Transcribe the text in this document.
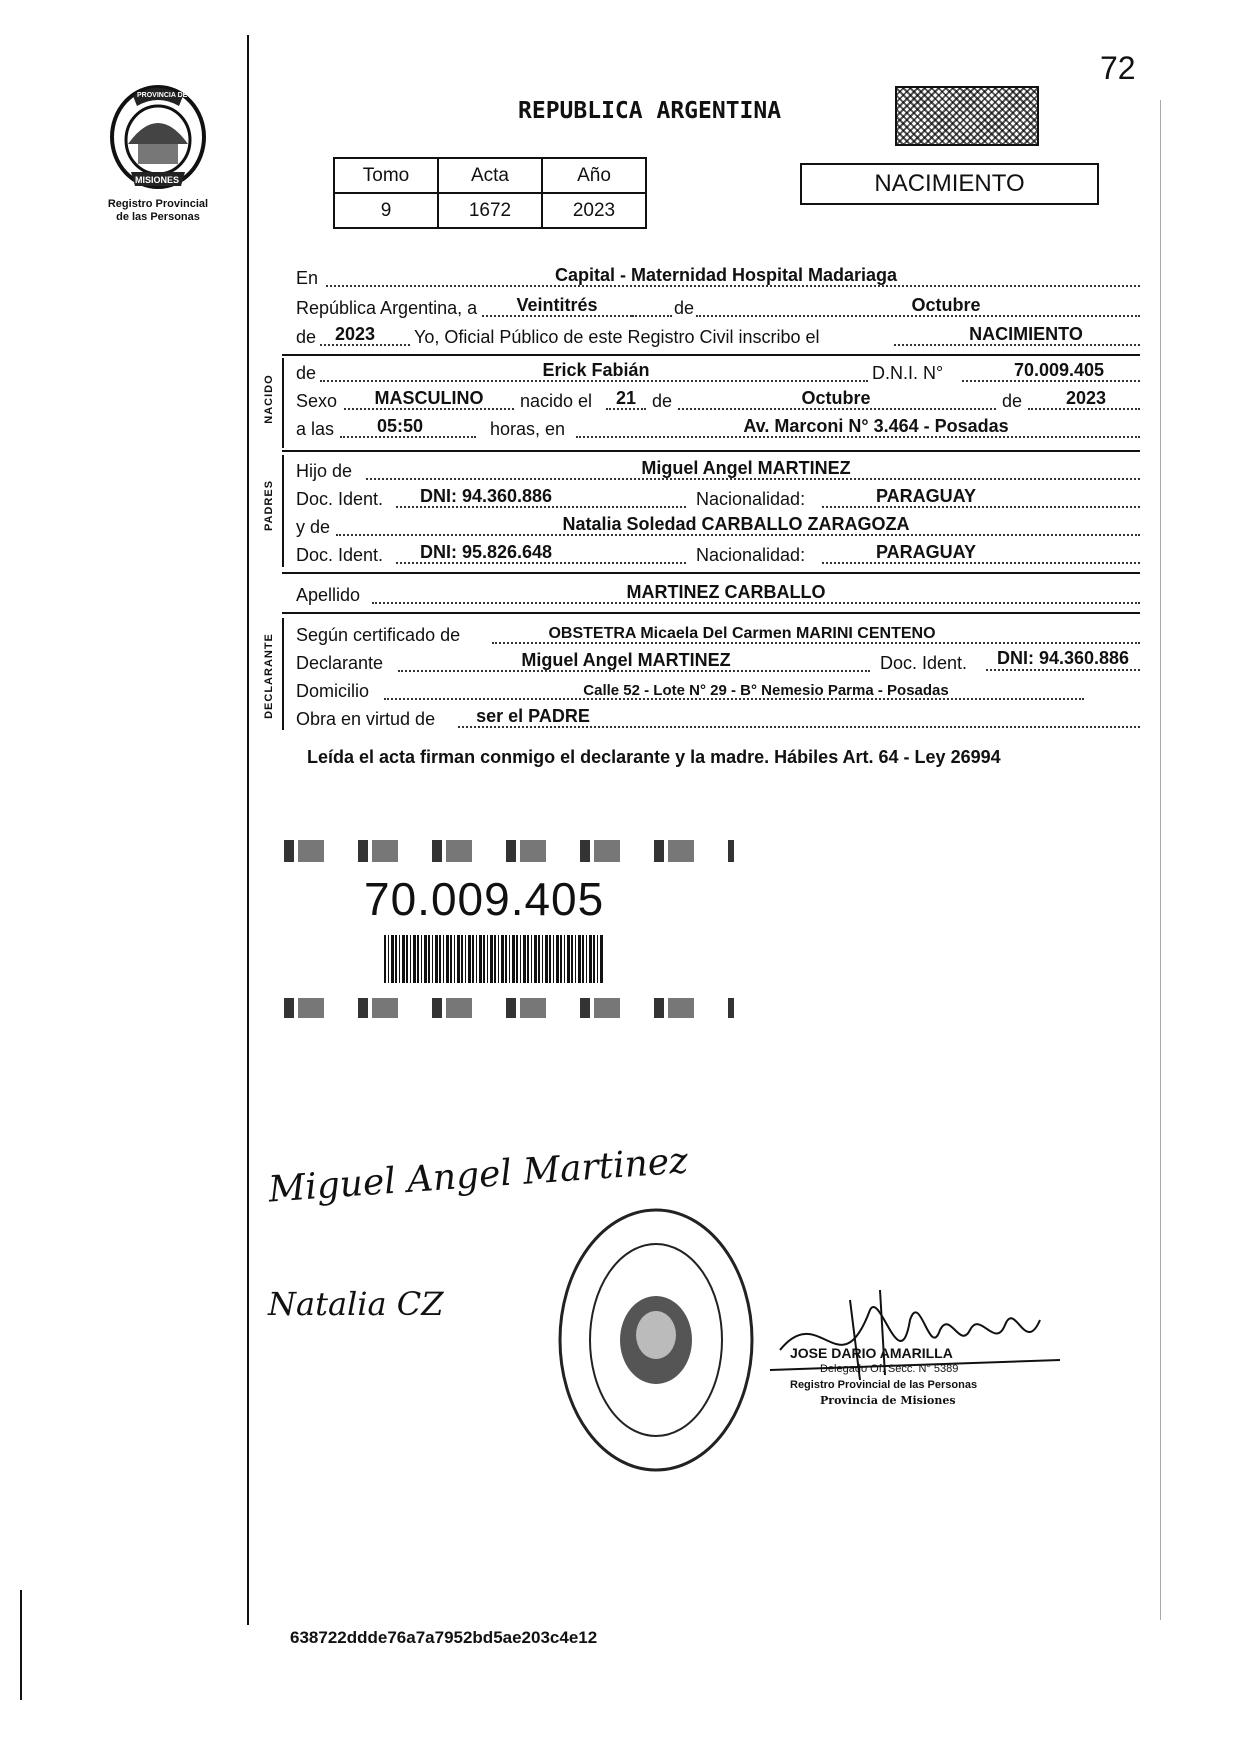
72
PROVINCIA DE
MISIONES
Registro Provincial
de las Personas
REPUBLICA ARGENTINA
Tomo	Acta	Año
9	1672	2023
NACIMIENTO
En	Capital - Maternidad Hospital Madariaga
República Argentina, a	Veintitrés	de	Octubre
de	2023	Yo, Oficial Público de este Registro Civil inscribo el	NACIMIENTO
NACIDO
de	Erick Fabián	D.N.I. N°	70.009.405
Sexo	MASCULINO	nacido el	21 de	Octubre	de	2023
a las	05:50	horas, en	Av. Marconi N° 3.464 - Posadas
PADRES
Hijo de	Miguel Angel MARTINEZ
Doc. Ident.	DNI: 94.360.886	Nacionalidad:	PARAGUAY
y de	Natalia Soledad CARBALLO ZARAGOZA
Doc. Ident.	DNI: 95.826.648	Nacionalidad:	PARAGUAY
Apellido	MARTINEZ CARBALLO
DECLARANTE Según certificado de	OBSTETRA Micaela Del Carmen MARINI CENTENO
Declarante	Miguel Angel MARTINEZ	Doc. Ident.	DNI: 94.360.886
Domicilio	Calle 52 - Lote N° 29 - B° Nemesio Parma - Posadas
Obra en virtud de	ser el PADRE
Leída el acta firman conmigo el declarante y la madre. Hábiles Art. 64 - Ley 26994
70.009.405
Miguel Angel Martinez
Natalia CZ
JOSE DARIO AMARILLA
Delegado Of. Secc. N° 5389
Registro Provincial de las Personas
Provincia de Misiones
638722ddde76a7a7952bd5ae203c4e12
